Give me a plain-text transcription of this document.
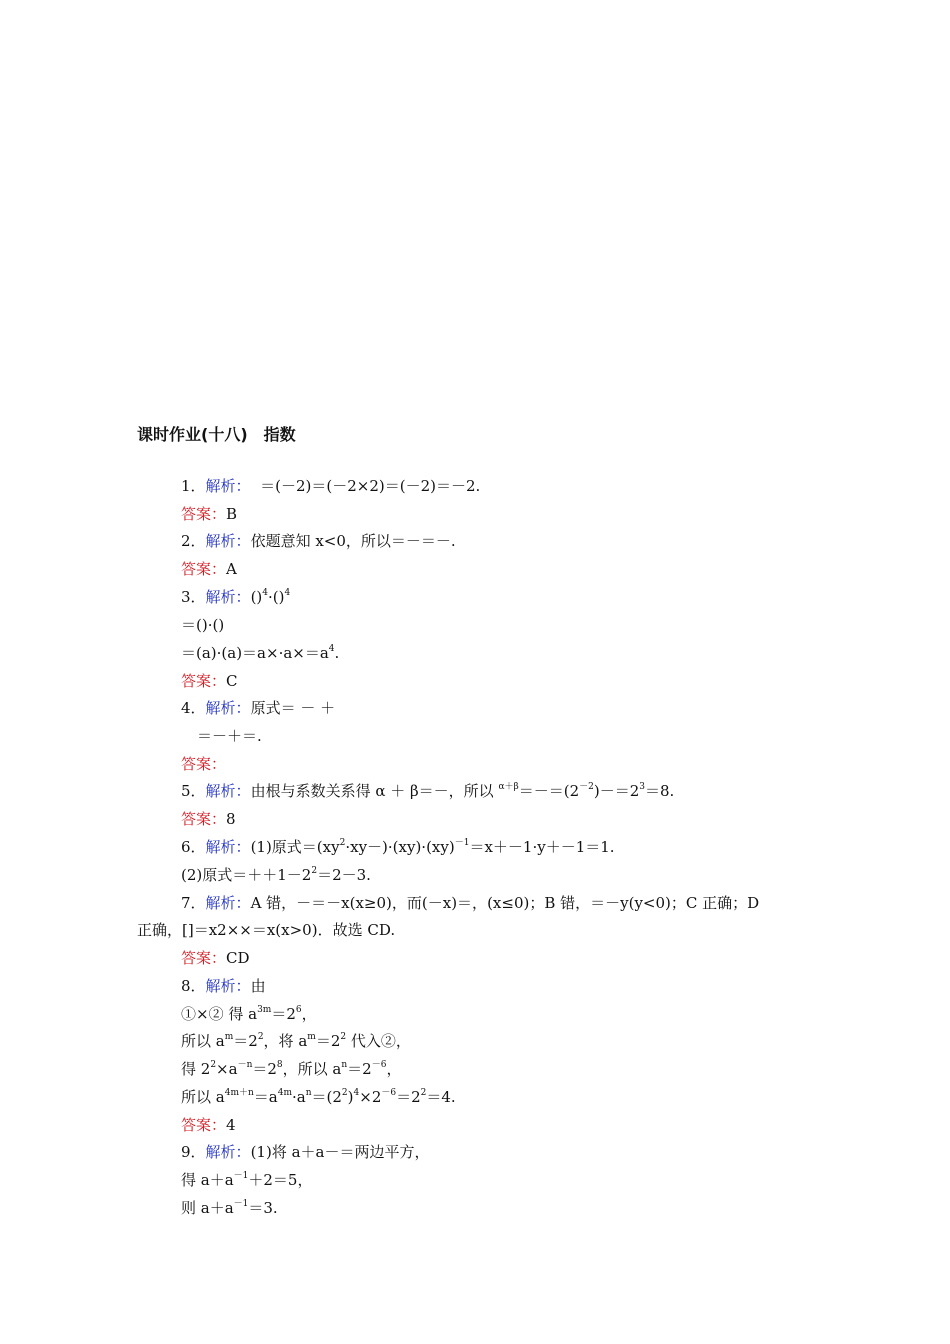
课时作业(十八)　指数
1．解析： ＝(－2)＝(－2×2)＝(－2)＝－2.
答案：B
2．解析：依题意知 x<0，所以＝－＝－.
答案：A
3．解析：()$^4$·()$^4$
＝()·()
$=(a)\cdot(a)=a\times\cdot a\times=a^4$.
答案：C
4．解析：原式＝ － ＋
＝－＋＝.
答案：
5．解析：由根与系数关系得 α ＋ β＝－，所以 $^{\alpha+\beta}=-=(2^{-2})-=2^3=8$.
答案：8
6．解析：(1)原式$=(xy^2\cdot xy-)\cdot(xy)\cdot(xy)^{-1}=x+-1\cdot y+-1=1$.
(2)原式$=++1-2^2=2-3$.
7．解析：A 错，－＝－x(x≥0)，而(－x)＝，(x≤0)；B 错，＝－y(y<0)；C 正确；D
正确，[]＝x2××＝x(x>0)．故选 CD.
答案：CD
8．解析：由
①×② 得 $a^{3m}=2^6$，
所以 $a^m=2^2$，将 $a^m=2^2$ 代入②，
得 $2^2\times a^{-n}=2^8$，所以 $a^n=2^{-6}$，
所以 $a^{4m+n}=a^{4m}\cdot a^n=(2^2)^4\times 2^{-6}=2^2=4$.
答案：4
9．解析：(1)将 a＋a－＝两边平方，
得 $a+a^{-1}+2=5$，
则 $a+a^{-1}=3$.
